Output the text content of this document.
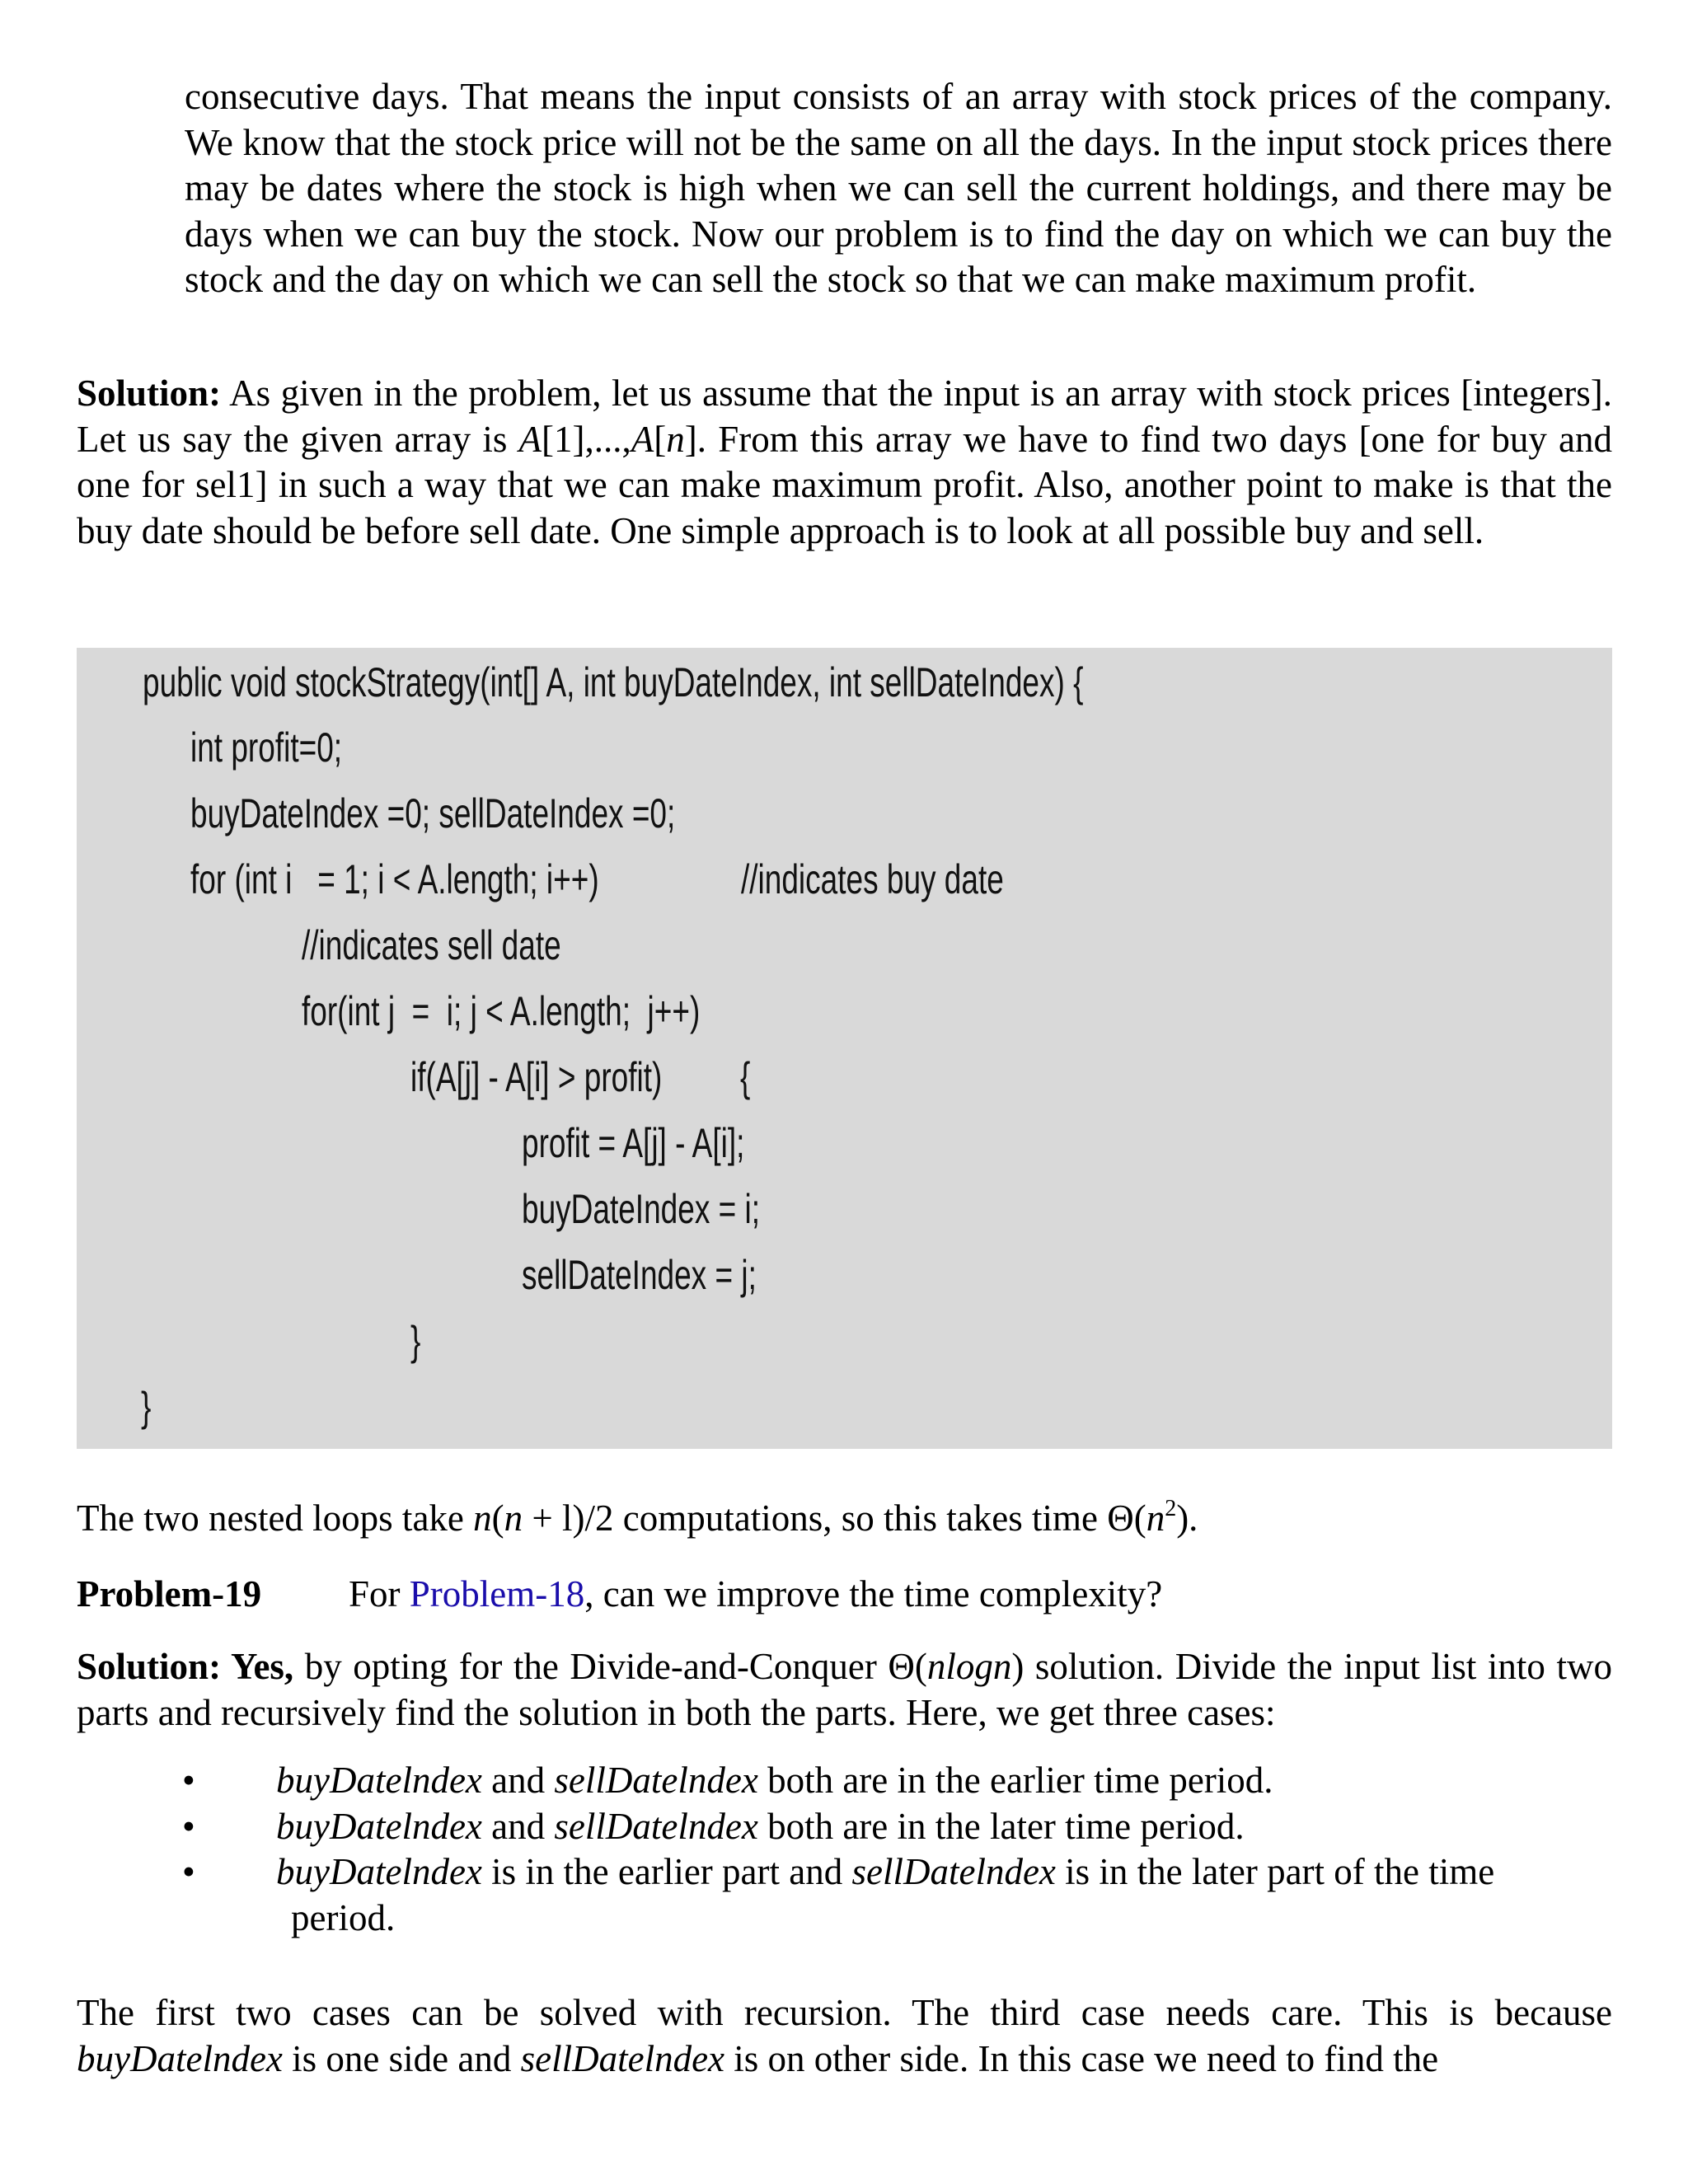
consecutive days. That means the input consists of an array with stock prices of the company. We know that the stock price will not be the same on all the days. In the input stock prices there may be dates where the stock is high when we can sell the current holdings, and there may be days when we can buy the stock. Now our problem is to find the day on which we can buy the stock and the day on which we can sell the stock so that we can make maximum profit.

Solution: As given in the problem, let us assume that the input is an array with stock prices [integers]. Let us say the given array is A[1],...,A[n]. From this array we have to find two days [one for buy and one for sel1] in such a way that we can make maximum profit. Also, another point to make is that the buy date should be before sell date. One simple approach is to look at all possible buy and sell.

public void stockStrategy(int[] A, int buyDateIndex, int sellDateIndex) {
int profit=0;
buyDateIndex =0; sellDateIndex =0;
for (int i   = 1; i < A.length; i++)	//indicates buy date
//indicates sell date
for(int j  =  i; j < A.length;  j++)
if(A[j] - A[i] > profit) {
profit = A[j] - A[i];
buyDateIndex = i;
sellDateIndex = j;
}
}
The two nested loops take n(n + l)/2 computations, so this takes time $\Theta(n^2)$.
Problem-19 For Problem-18, can we improve the time complexity?

Solution: Yes, by opting for the Divide-and-Conquer Θ(nlogn) solution. Divide the input list into two parts and recursively find the solution in both the parts. Here, we get three cases:

• buyDatelndex and sellDatelndex both are in the earlier time period.
• buyDatelndex and sellDatelndex both are in the later time period.
• buyDatelndex is in the earlier part and sellDatelndex is in the later part of the time
period.

The first two cases can be solved with recursion. The third case needs care. This is because buyDatelndex is one side and sellDatelndex is on other side. In this case we need to find the
